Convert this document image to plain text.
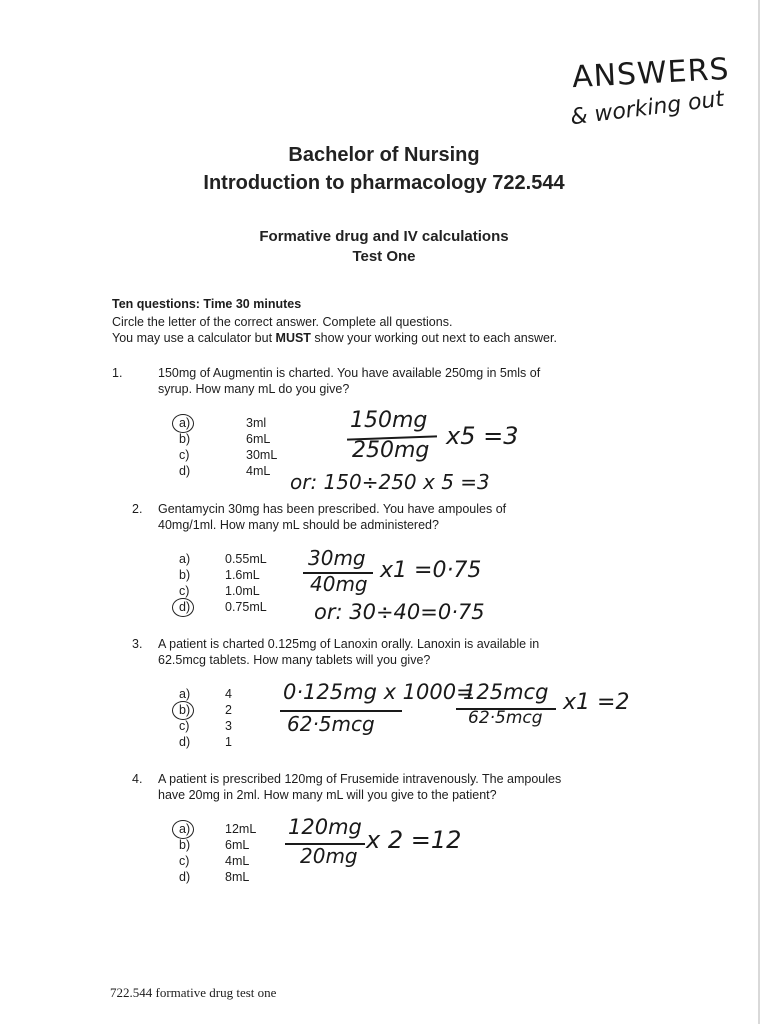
ANSWERS
& working out
Bachelor of Nursing
Introduction to pharmacology 722.544
Formative drug and IV calculations
Test One
Ten questions: Time 30 minutes
Circle the letter of the correct answer. Complete all questions.
You may use a calculator but MUST show your working out next to each answer.
1.	150mg of Augmentin is charted. You have available 250mg in 5mls of
syrup. How many mL do you give?
a)	3ml
b)	6mL
c)	30mL
d)	4mL
150mg
250mg
x5 =3
or: 150÷250 x 5 =3
2. Gentamycin 30mg has been prescribed. You have ampoules of
40mg/1ml. How many mL should be administered?
a)	0.55mL
b)	1.6mL
c)	1.0mL
d)	0.75mL
30mg
40mg
x1 =0·75
or: 30÷40=0·75
3. A patient is charted 0.125mg of Lanoxin orally. Lanoxin is available in
62.5mcg tablets. How many tablets will you give?
a)	4
b)	2
c)	3
d)	1
0·125mg x 1000=
62·5mcg
125mcg
62·5mcg
x1 =2
4. A patient is prescribed 120mg of Frusemide intravenously. The ampoules
have 20mg in 2ml. How many mL will you give to the patient?
a)	12mL
b)	6mL
c)	4mL
d)	8mL
120mg
20mg
x 2 =12
722.544 formative drug test one
